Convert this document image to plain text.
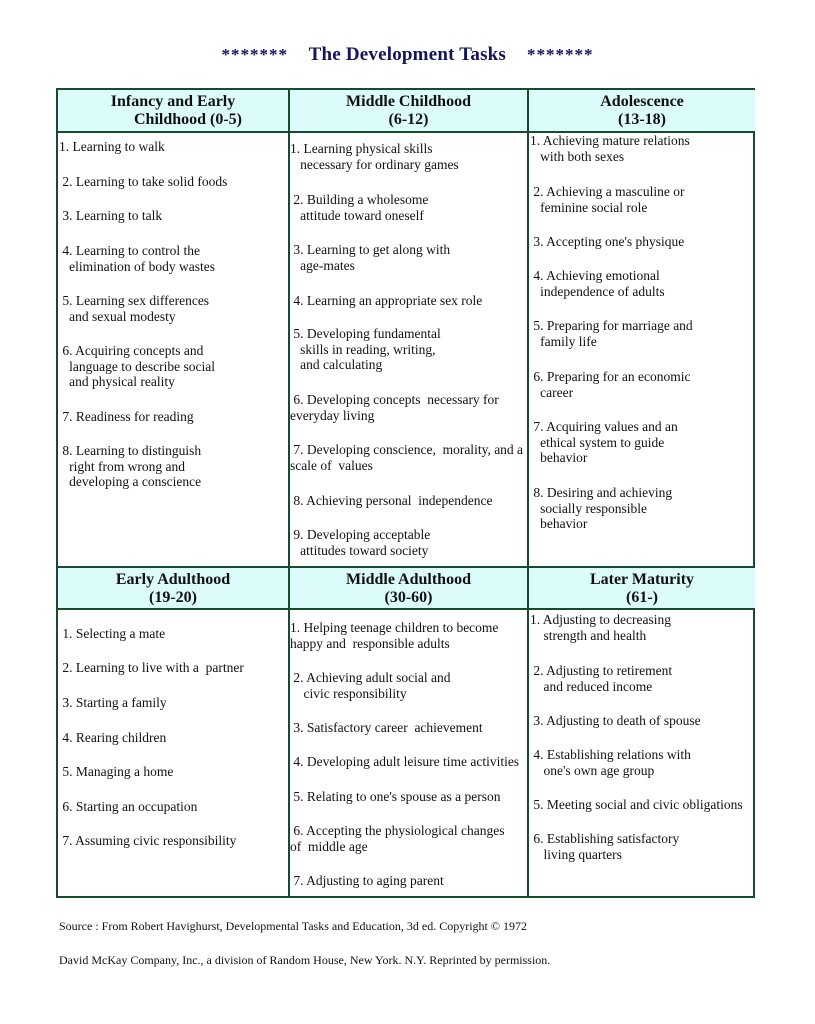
******* The Development Tasks *******
Infancy and Early
Childhood (0-5)
Middle Childhood
(6-12)
Adolescence
(13-18)
Early Adulthood
(19-20)
Middle Adulthood
(30-60)
Later Maturity
(61-)
1. Learning to walk
2. Learning to take solid foods
3. Learning to talk
4. Learning to control the
elimination of body wastes
5. Learning sex differences
and sexual modesty
6. Acquiring concepts and
language to describe social
and physical reality
7. Readiness for reading
8. Learning to distinguish
right from wrong and
developing a conscience
1. Learning physical skills
necessary for ordinary games
2. Building a wholesome
attitude toward oneself
3. Learning to get along with
age-mates
4. Learning an appropriate sex role
5. Developing fundamental
skills in reading, writing,
and calculating
6. Developing concepts  necessary for
everyday living
7. Developing conscience,  morality, and a
scale of  values
8. Achieving personal  independence
9. Developing acceptable
attitudes toward society
1. Achieving mature relations
with both sexes
2. Achieving a masculine or
feminine social role
3. Accepting one's physique
4. Achieving emotional
independence of adults
5. Preparing for marriage and
family life
6. Preparing for an economic
career
7. Acquiring values and an
ethical system to guide
behavior
8. Desiring and achieving
socially responsible
behavior
1. Selecting a mate
2. Learning to live with a  partner
3. Starting a family
4. Rearing children
5. Managing a home
6. Starting an occupation
7. Assuming civic responsibility
1. Helping teenage children to become
happy and  responsible adults
2. Achieving adult social and
civic responsibility
3. Satisfactory career  achievement
4. Developing adult leisure time activities
5. Relating to one's spouse as a person
6. Accepting the physiological changes
of  middle age
7. Adjusting to aging parent
1. Adjusting to decreasing
strength and health
2. Adjusting to retirement
and reduced income
3. Adjusting to death of spouse
4. Establishing relations with
one's own age group
5. Meeting social and civic obligations
6. Establishing satisfactory
living quarters
Source : From Robert Havighurst, Developmental Tasks and Education, 3d ed. Copyright © 1972
David McKay Company, Inc., a division of Random House, New York. N.Y. Reprinted by permission.
